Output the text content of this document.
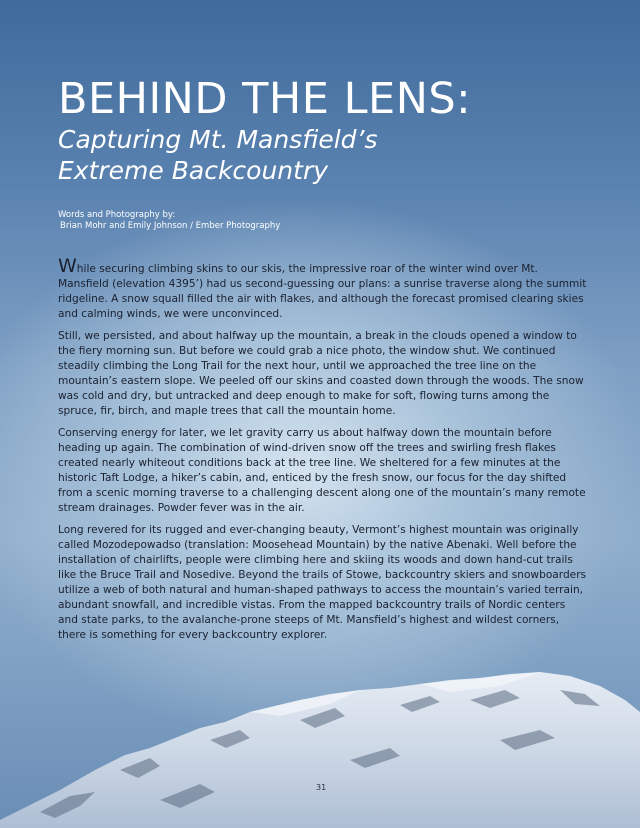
BEHIND THE LENS:
Capturing Mt. Mansfield’s
Extreme Backcountry
Words and Photography by:
Brian Mohr and Emily Johnson / Ember Photography

While securing climbing skins to our skis, the impressive roar of the winter wind over Mt. Mansfield (elevation 4395’) had us second-guessing our plans: a sunrise traverse along the summit ridgeline. A snow squall filled the air with flakes, and although the forecast promised clearing skies and calming winds, we were unconvinced.

Still, we persisted, and about halfway up the mountain, a break in the clouds opened a window to the fiery morning sun. But before we could grab a nice photo, the window shut. We continued steadily climbing the Long Trail for the next hour, until we approached the tree line on the mountain’s eastern slope. We peeled off our skins and coasted down through the woods. The snow was cold and dry, but untracked and deep enough to make for soft, flowing turns among the spruce, fir, birch, and maple trees that call the mountain home.

Conserving energy for later, we let gravity carry us about halfway down the mountain before heading up again. The combination of wind-driven snow off the trees and swirling fresh flakes created nearly whiteout conditions back at the tree line. We sheltered for a few minutes at the historic Taft Lodge, a hiker’s cabin, and, enticed by the fresh snow, our focus for the day shifted from a scenic morning traverse to a challenging descent along one of the mountain’s many remote stream drainages. Powder fever was in the air.

Long revered for its rugged and ever-changing beauty, Vermont’s highest mountain was originally called Mozodepowadso (translation: Moosehead Mountain) by the native Abenaki. Well before the installation of chairlifts, people were climbing here and skiing its woods and down hand-cut trails like the Bruce Trail and Nosedive. Beyond the trails of Stowe, backcountry skiers and snowboarders utilize a web of both natural and human-shaped pathways to access the mountain’s varied terrain, abundant snowfall, and incredible vistas. From the mapped backcountry trails of Nordic centers and state parks, to the avalanche-prone steeps of Mt. Mansfield’s highest and wildest corners, there is something for every backcountry explorer.

31
